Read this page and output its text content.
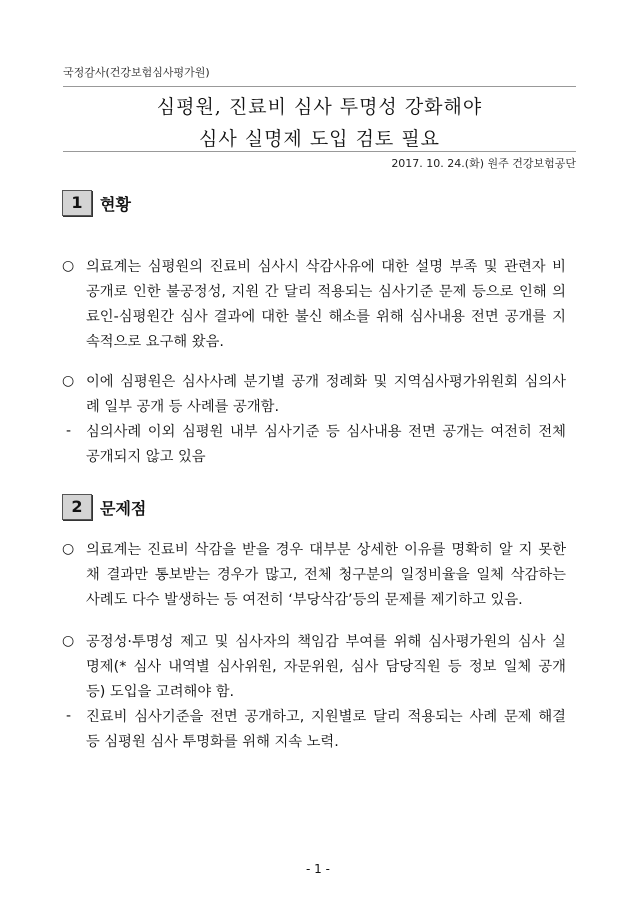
국정감사(건강보험심사평가원)
심평원, 진료비 심사 투명성 강화해야
심사 실명제 도입 검토 필요
2017. 10. 24.(화) 원주 건강보험공단
- 1 -
1	현황
○ 의료계는 심평원의 진료비 심사시 삭감사유에 대한 설명 부족 및 관련자 비
공개로 인한 불공정성, 지원 간 달리 적용되는 심사기준 문제 등으로 인해 의
료인-심평원간 심사 결과에 대한 불신 해소를 위해 심사내용 전면 공개를 지
속적으로 요구해 왔음.
○ 이에 심평원은 심사사례 분기별 공개 정례화 및 지역심사평가위원회 심의사
례 일부 공개 등 사례를 공개함.
- 심의사례 이외 심평원 내부 심사기준 등 심사내용 전면 공개는 여전히 전체
공개되지 않고 있음
2	문제점
○ 의료계는 진료비 삭감을 받을 경우 대부분 상세한 이유를 명확히 알 지 못한
채 결과만 통보받는 경우가 많고, 전체 청구분의 일정비율을 일체 삭감하는
사례도 다수 발생하는 등 여전히 ‘부당삭감’등의 문제를 제기하고 있음.
○ 공정성·투명성 제고 및 심사자의 책임감 부여를 위해 심사평가원의 심사 실
명제(* 심사 내역별 심사위원, 자문위원, 심사 담당직원 등 정보 일체 공개
등) 도입을 고려해야 함.
- 진료비 심사기준을 전면 공개하고, 지원별로 달리 적용되는 사례 문제 해결
등 심평원 심사 투명화를 위해 지속 노력.
